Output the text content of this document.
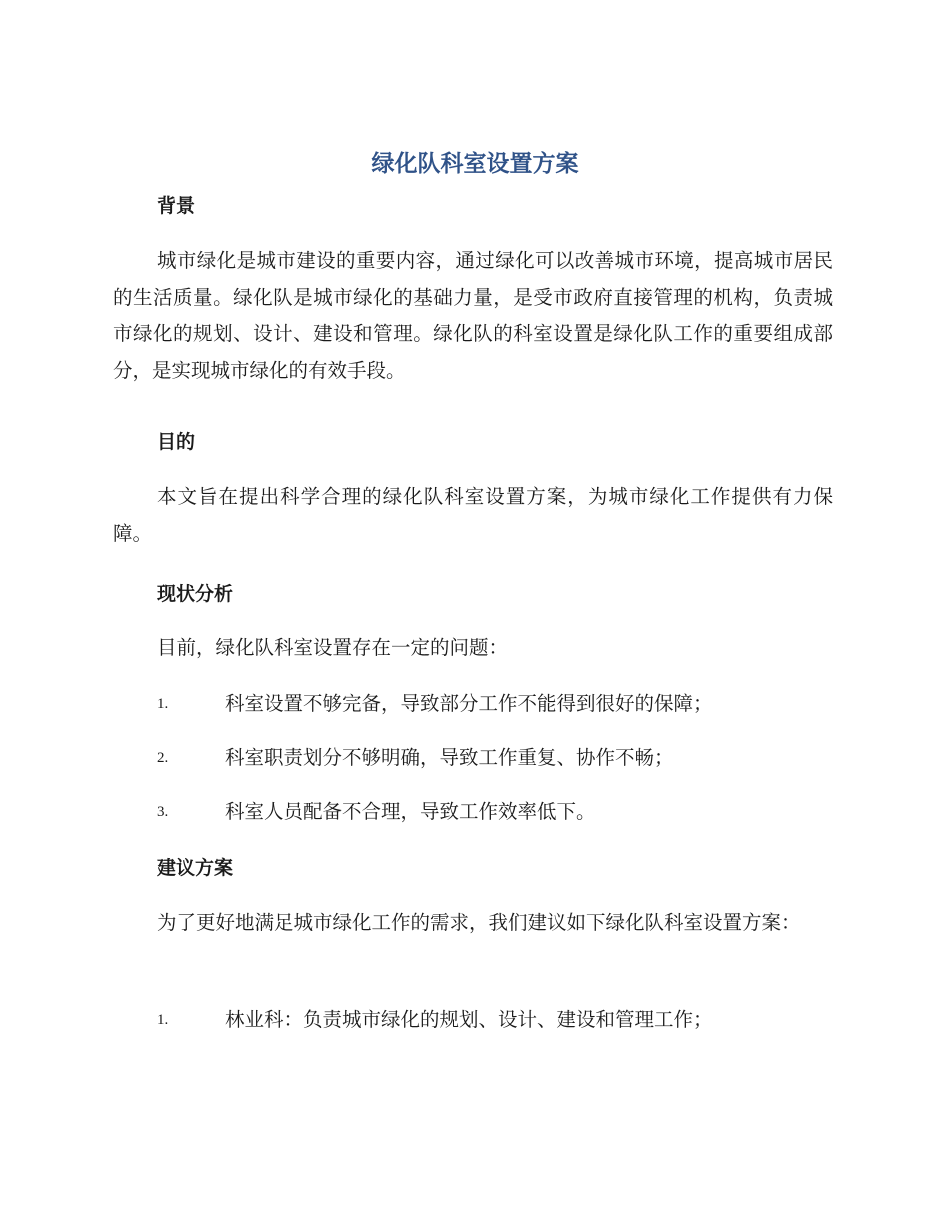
绿化队科室设置方案
背景

城市绿化是城市建设的重要内容，通过绿化可以改善城市环境，提高城市居民的生活质量。绿化队是城市绿化的基础力量，是受市政府直接管理的机构，负责城市绿化的规划、设计、建设和管理。绿化队的科室设置是绿化队工作的重要组成部分，是实现城市绿化的有效手段。

目的

本文旨在提出科学合理的绿化队科室设置方案，为城市绿化工作提供有力保障。

现状分析

目前，绿化队科室设置存在一定的问题：

1.	科室设置不够完备，导致部分工作不能得到很好的保障；
2.	科室职责划分不够明确，导致工作重复、协作不畅；
3.	科室人员配备不合理，导致工作效率低下。
建议方案

为了更好地满足城市绿化工作的需求，我们建议如下绿化队科室设置方案：

1.	林业科：负责城市绿化的规划、设计、建设和管理工作；
